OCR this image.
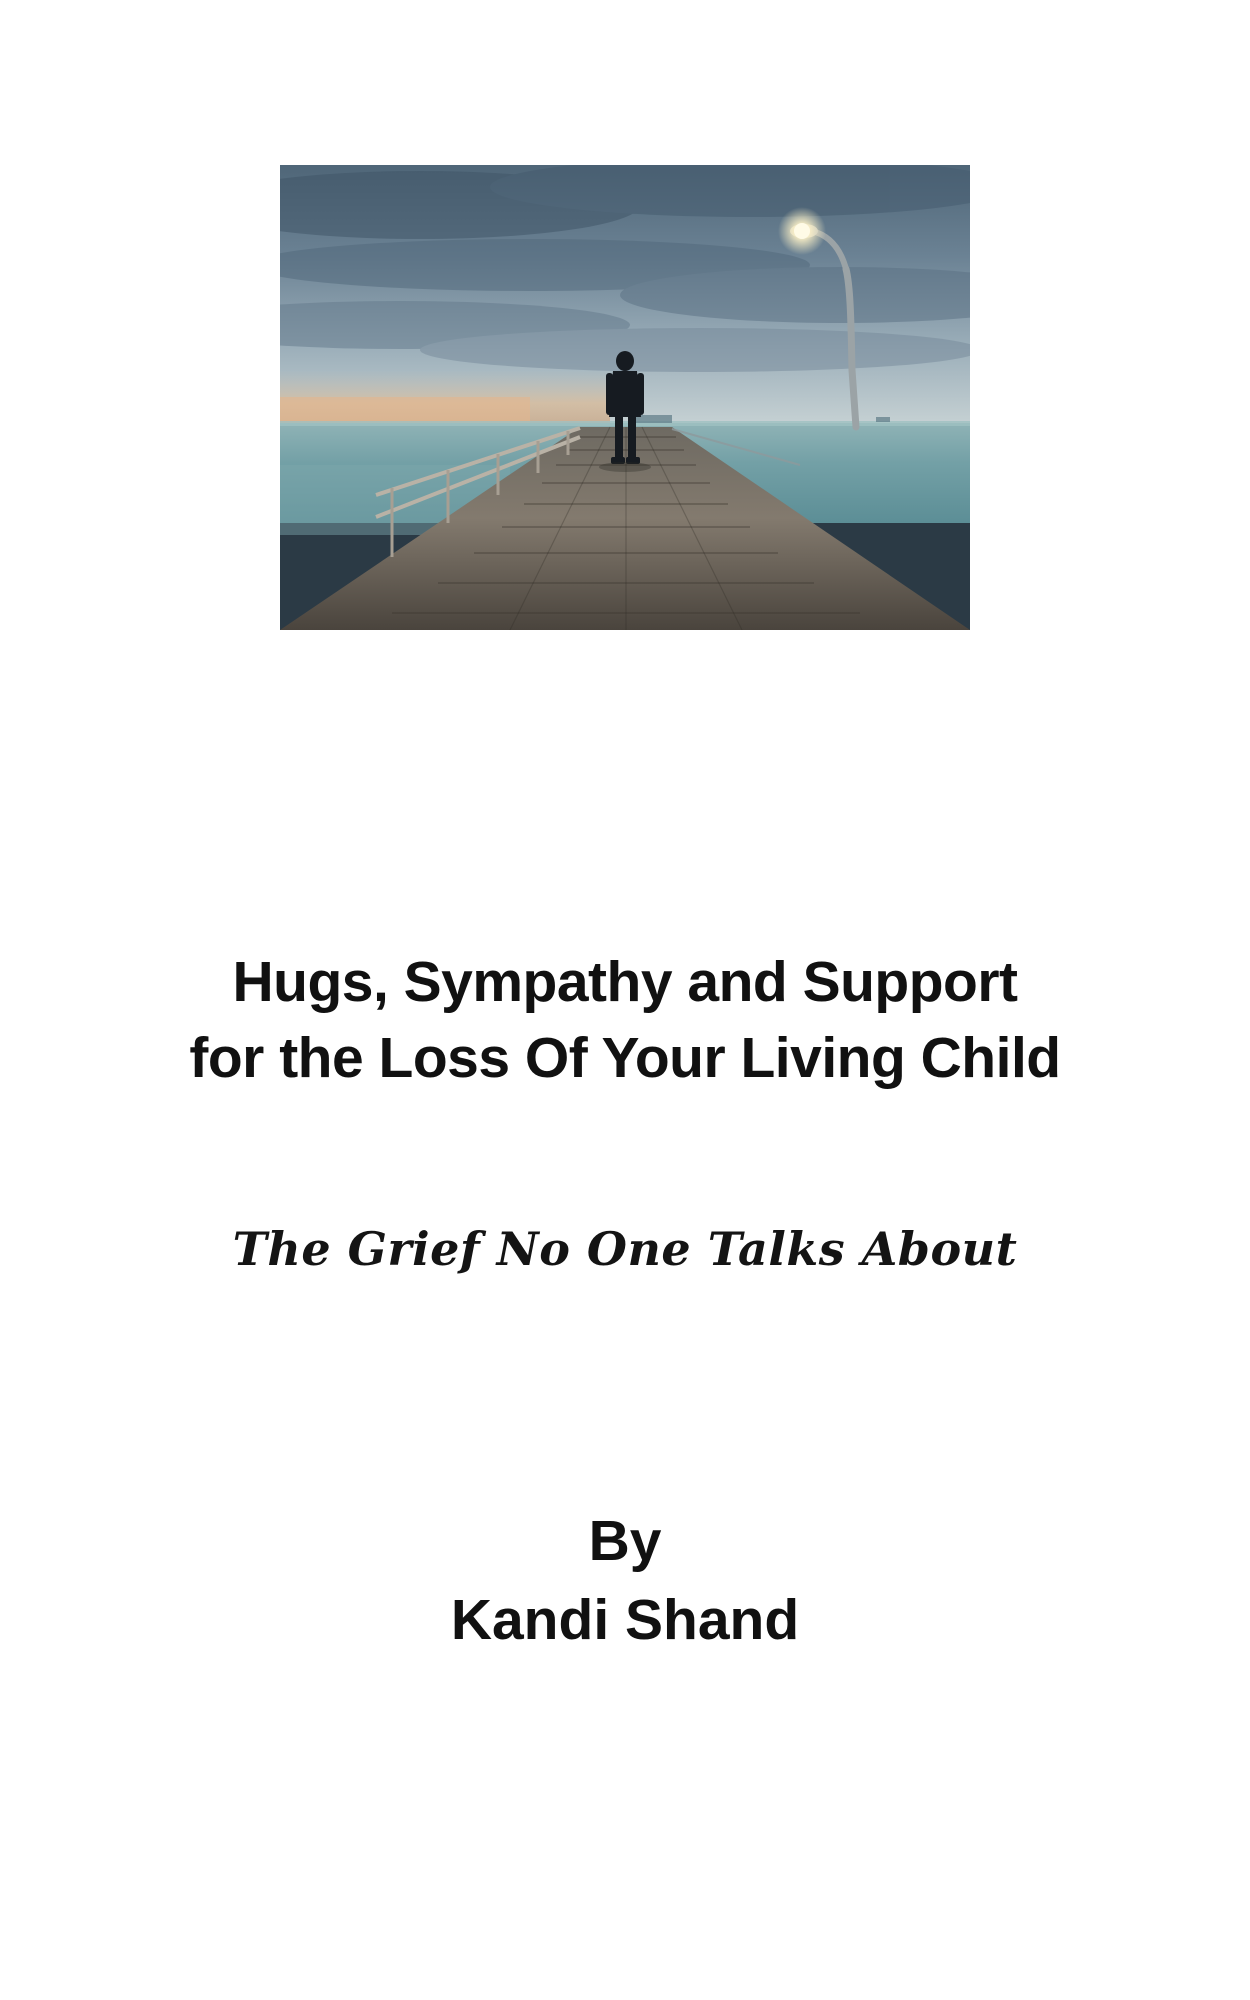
Hugs, Sympathy and Support
for the Loss Of Your Living Child
The Grief No One Talks About
By
Kandi Shand
